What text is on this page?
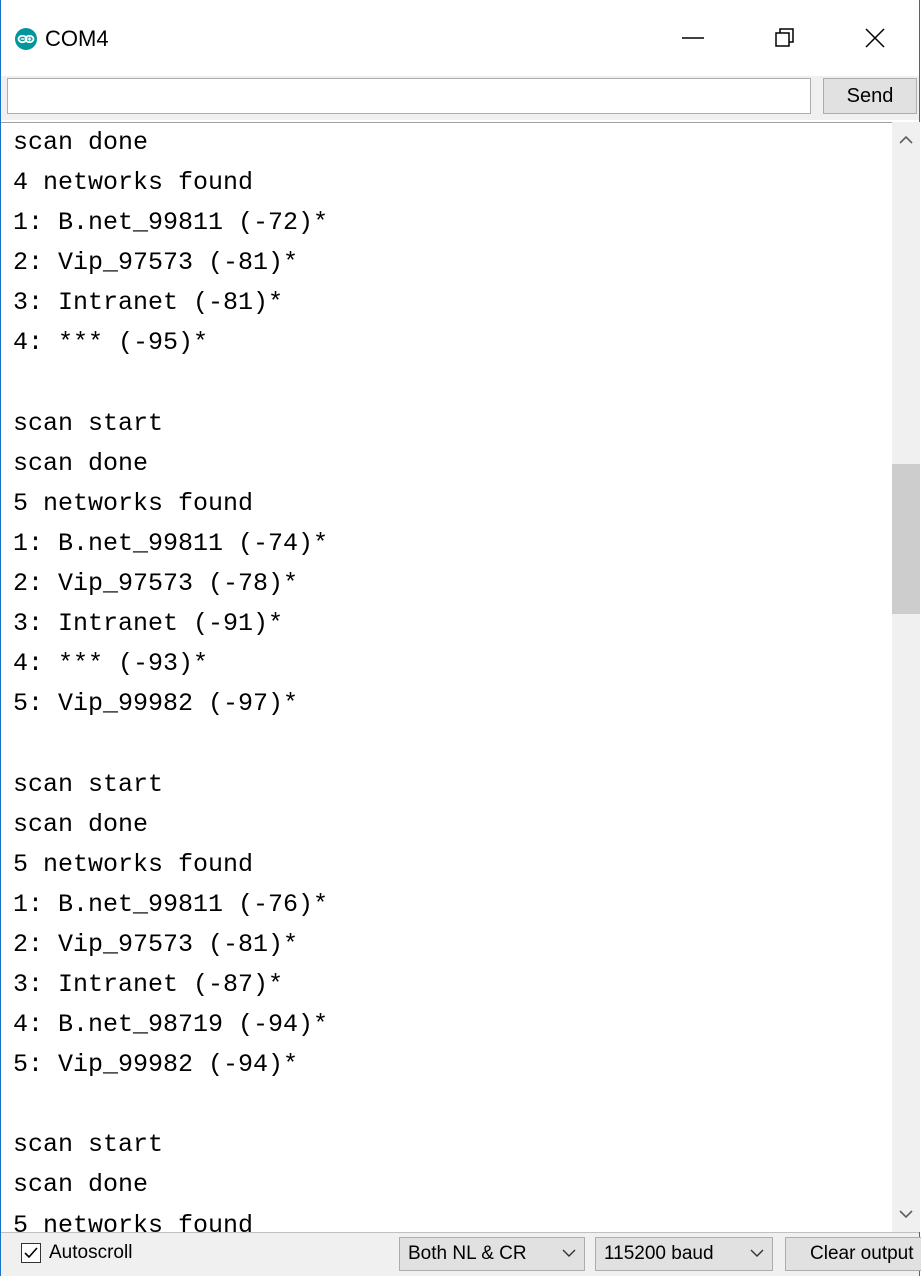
COM4
Send
scan done
4 networks found
1: B.net_99811 (-72)*
2: Vip_97573 (-81)*
3: Intranet (-81)*
4: *** (-95)*
scan start
scan done
5 networks found
1: B.net_99811 (-74)*
2: Vip_97573 (-78)*
3: Intranet (-91)*
4: *** (-93)*
5: Vip_99982 (-97)*
scan start
scan done
5 networks found
1: B.net_99811 (-76)*
2: Vip_97573 (-81)*
3: Intranet (-87)*
4: B.net_98719 (-94)*
5: Vip_99982 (-94)*
scan start
scan done
5 networks found
Autoscroll	Both NL & CR	115200 baud	Clear output
